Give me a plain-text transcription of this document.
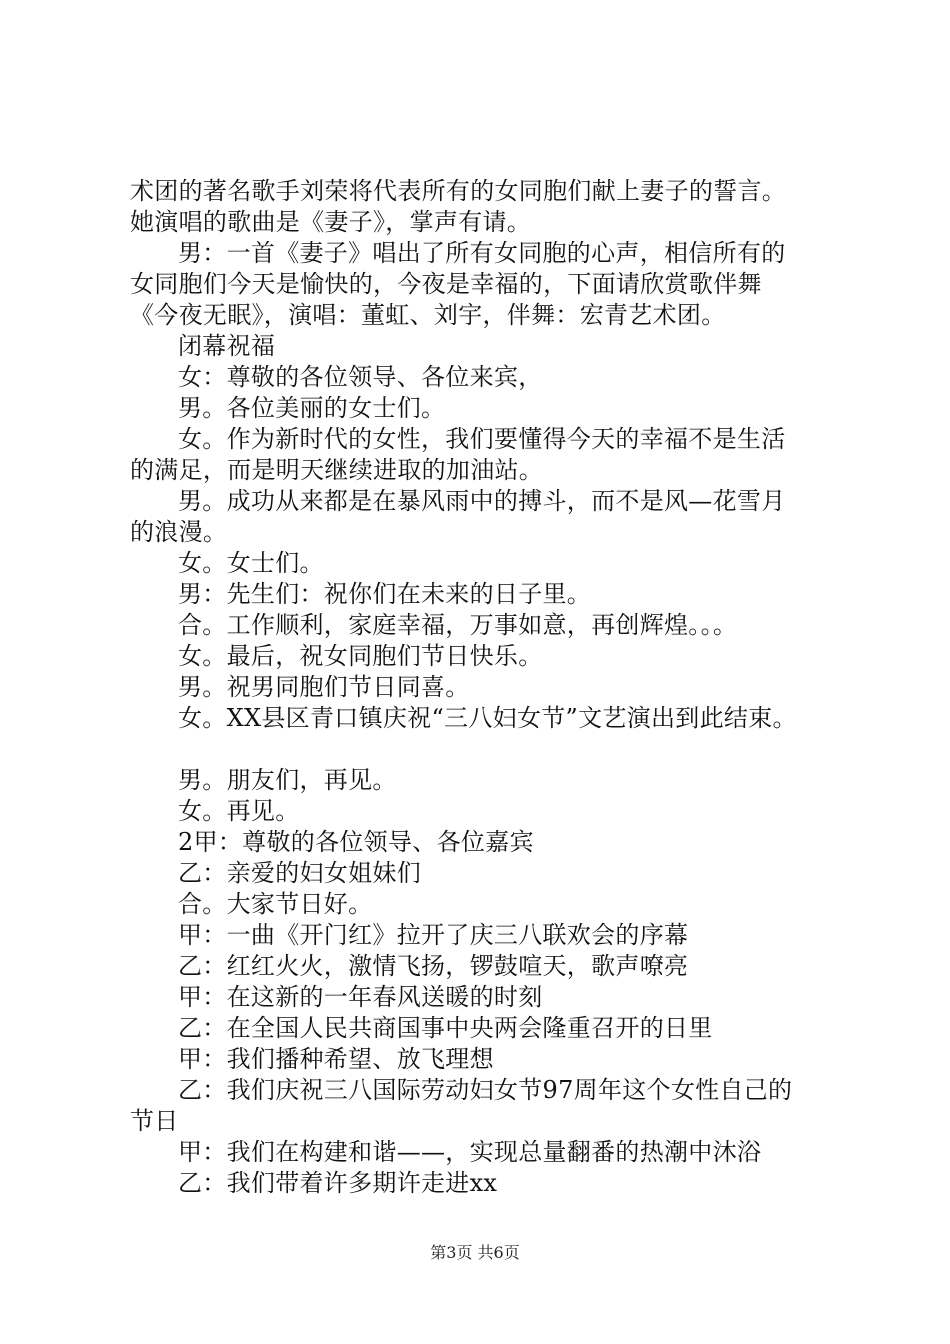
术团的著名歌手刘荣将代表所有的女同胞们献上妻子的誓言。
她演唱的歌曲是《妻子》，掌声有请。
男：一首《妻子》唱出了所有女同胞的心声，相信所有的
女同胞们今天是愉快的，今夜是幸福的，下面请欣赏歌伴舞
《今夜无眠》，演唱：董虹、刘宇，伴舞：宏青艺术团。
闭幕祝福
女：尊敬的各位领导、各位来宾，
男。各位美丽的女士们。
女。作为新时代的女性，我们要懂得今天的幸福不是生活
的满足，而是明天继续进取的加油站。
男。成功从来都是在暴风雨中的搏斗，而不是风—花雪月
的浪漫。
女。女士们。
男：先生们：祝你们在未来的日子里。
合。工作顺利，家庭幸福，万事如意，再创辉煌。。。
女。最后，祝女同胞们节日快乐。
男。祝男同胞们节日同喜。
女。XX县区青口镇庆祝“三八妇女节”文艺演出到此结束。
男。朋友们，再见。
女。再见。
2甲：尊敬的各位领导、各位嘉宾
乙：亲爱的妇女姐妹们
合。大家节日好。
甲：一曲《开门红》拉开了庆三八联欢会的序幕
乙：红红火火，激情飞扬，锣鼓喧天，歌声嘹亮
甲：在这新的一年春风送暖的时刻
乙：在全国人民共商国事中央两会隆重召开的日里
甲：我们播种希望、放飞理想
乙：我们庆祝三八国际劳动妇女节97周年这个女性自己的
节日
甲：我们在构建和谐——，实现总量翻番的热潮中沐浴
乙：我们带着许多期许走进xx
第3页 共6页
